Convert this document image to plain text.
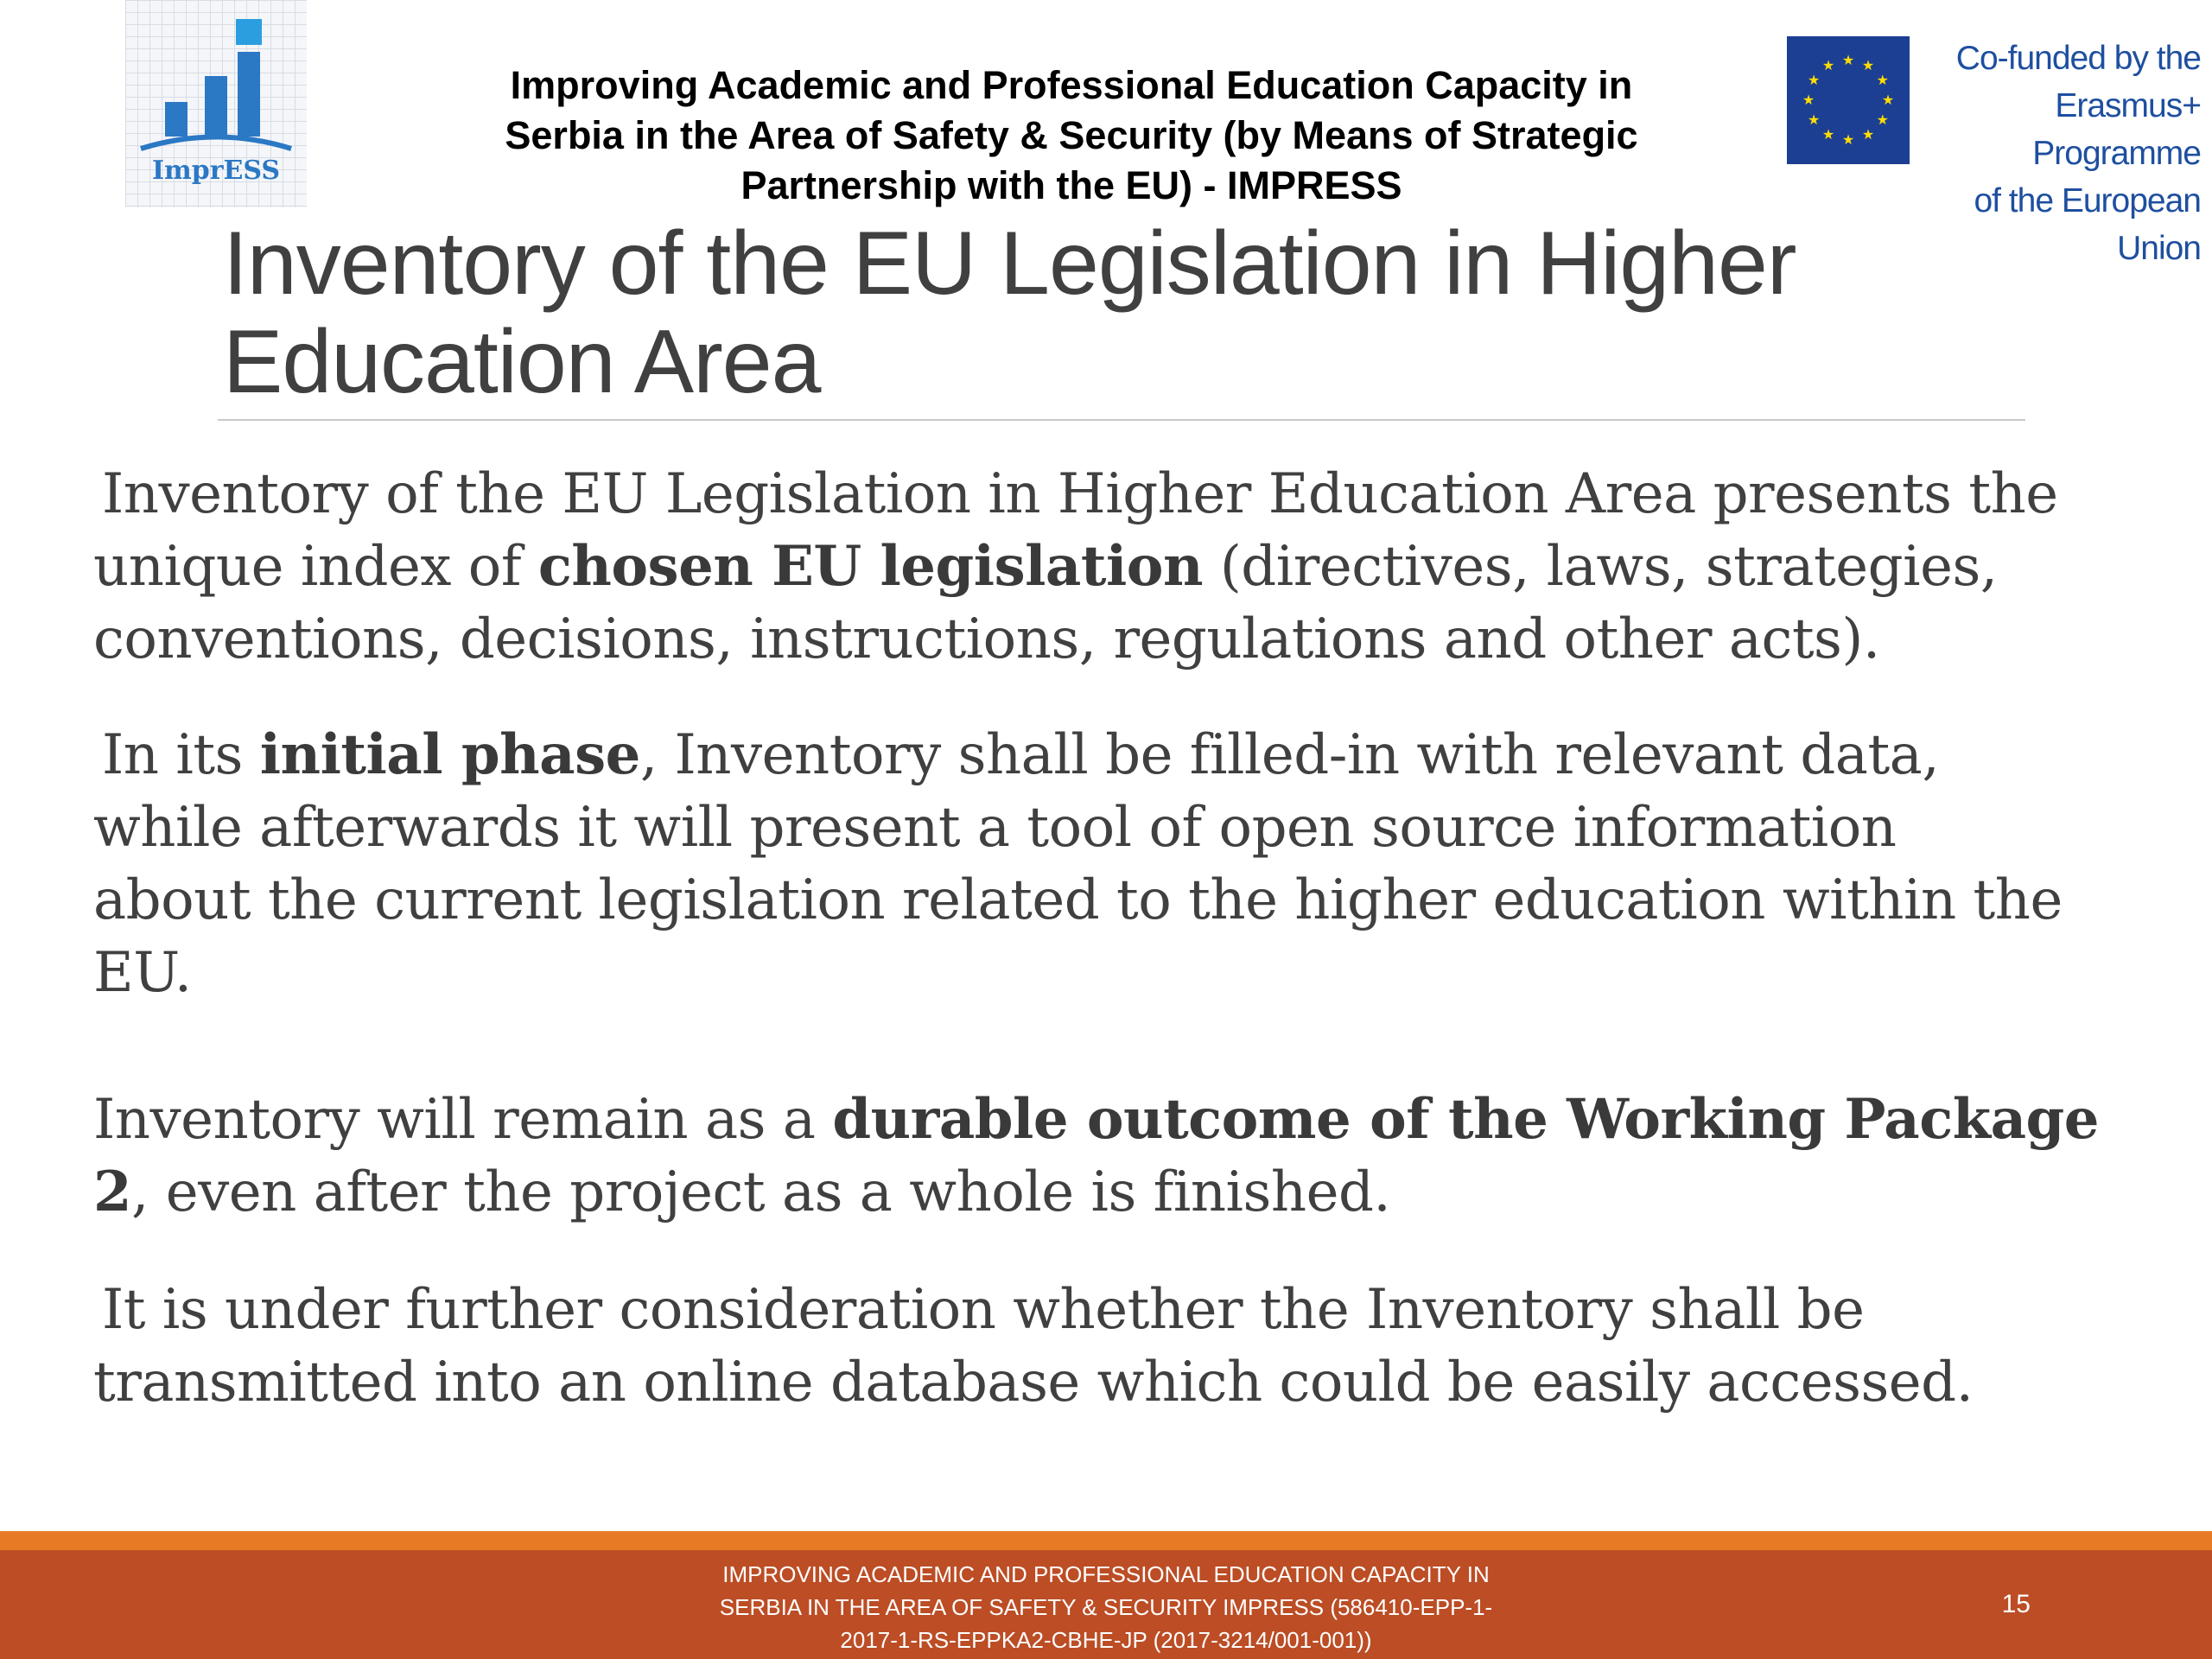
ImprESS
Improving Academic and Professional Education Capacity in
Serbia in the Area of Safety & Security (by Means of Strategic
Partnership with the EU) - IMPRESS
★ ★
★
★
★
★
★
★
★
★
★
★	Co-funded by the
Erasmus+ Programme
of the European Union
Inventory of the EU Legislation in Higher
Education Area
Inventory of the EU Legislation in Higher Education Area presents the
unique index of chosen EU legislation (directives, laws, strategies,
conventions, decisions, instructions, regulations and other acts).
In its initial phase, Inventory shall be filled-in with relevant data,
while afterwards it will present a tool of open source information
about the current legislation related to the higher education within the
EU.
Inventory will remain as a durable outcome of the Working Package
2, even after the project as a whole is finished.
It is under further consideration whether the Inventory shall be
transmitted into an online database which could be easily accessed.
IMPROVING ACADEMIC AND PROFESSIONAL EDUCATION CAPACITY IN
SERBIA IN THE AREA OF SAFETY & SECURITY IMPRESS (586410-EPP-1-
2017-1-RS-EPPKA2-CBHE-JP (2017-3214/001-001))
15
